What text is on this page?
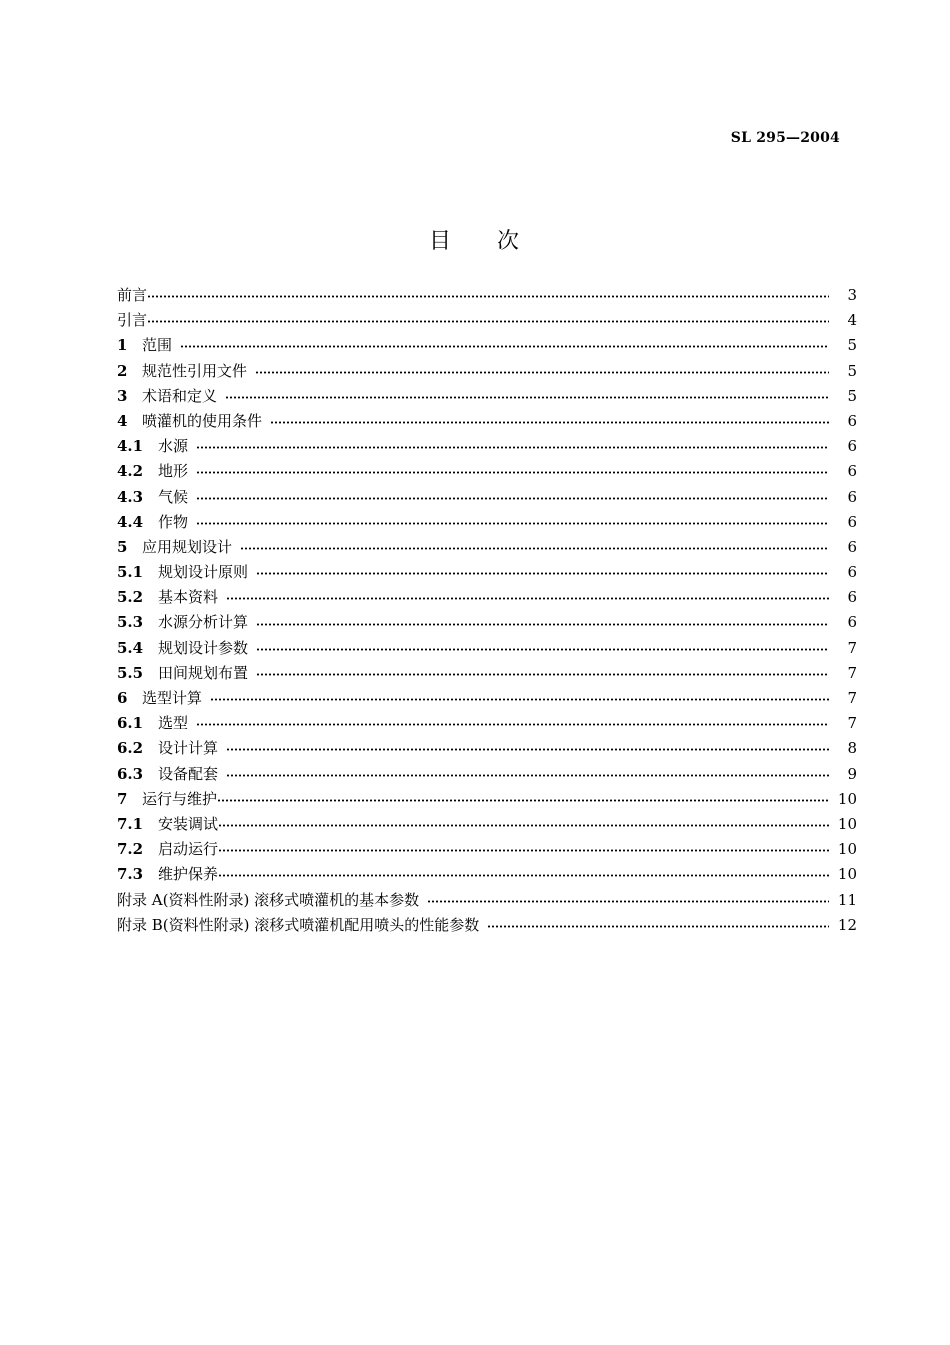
SL 295—2004
目 次
前言	3
引言	4
1 范围	5
2 规范性引用文件	5
3 术语和定义	5
4 喷灌机的使用条件	6
4.1 水源	6
4.2 地形	6
4.3 气候	6
4.4 作物	6
5 应用规划设计	6
5.1 规划设计原则	6
5.2 基本资料	6
5.3 水源分析计算	6
5.4 规划设计参数	7
5.5 田间规划布置	7
6 选型计算	7
6.1 选型	7
6.2 设计计算	8
6.3 设备配套	9
7 运行与维护	10
7.1 安装调试	10
7.2 启动运行	10
7.3 维护保养	10
附录 A(资料性附录) 滚移式喷灌机的基本参数	11
附录 B(资料性附录) 滚移式喷灌机配用喷头的性能参数	12
